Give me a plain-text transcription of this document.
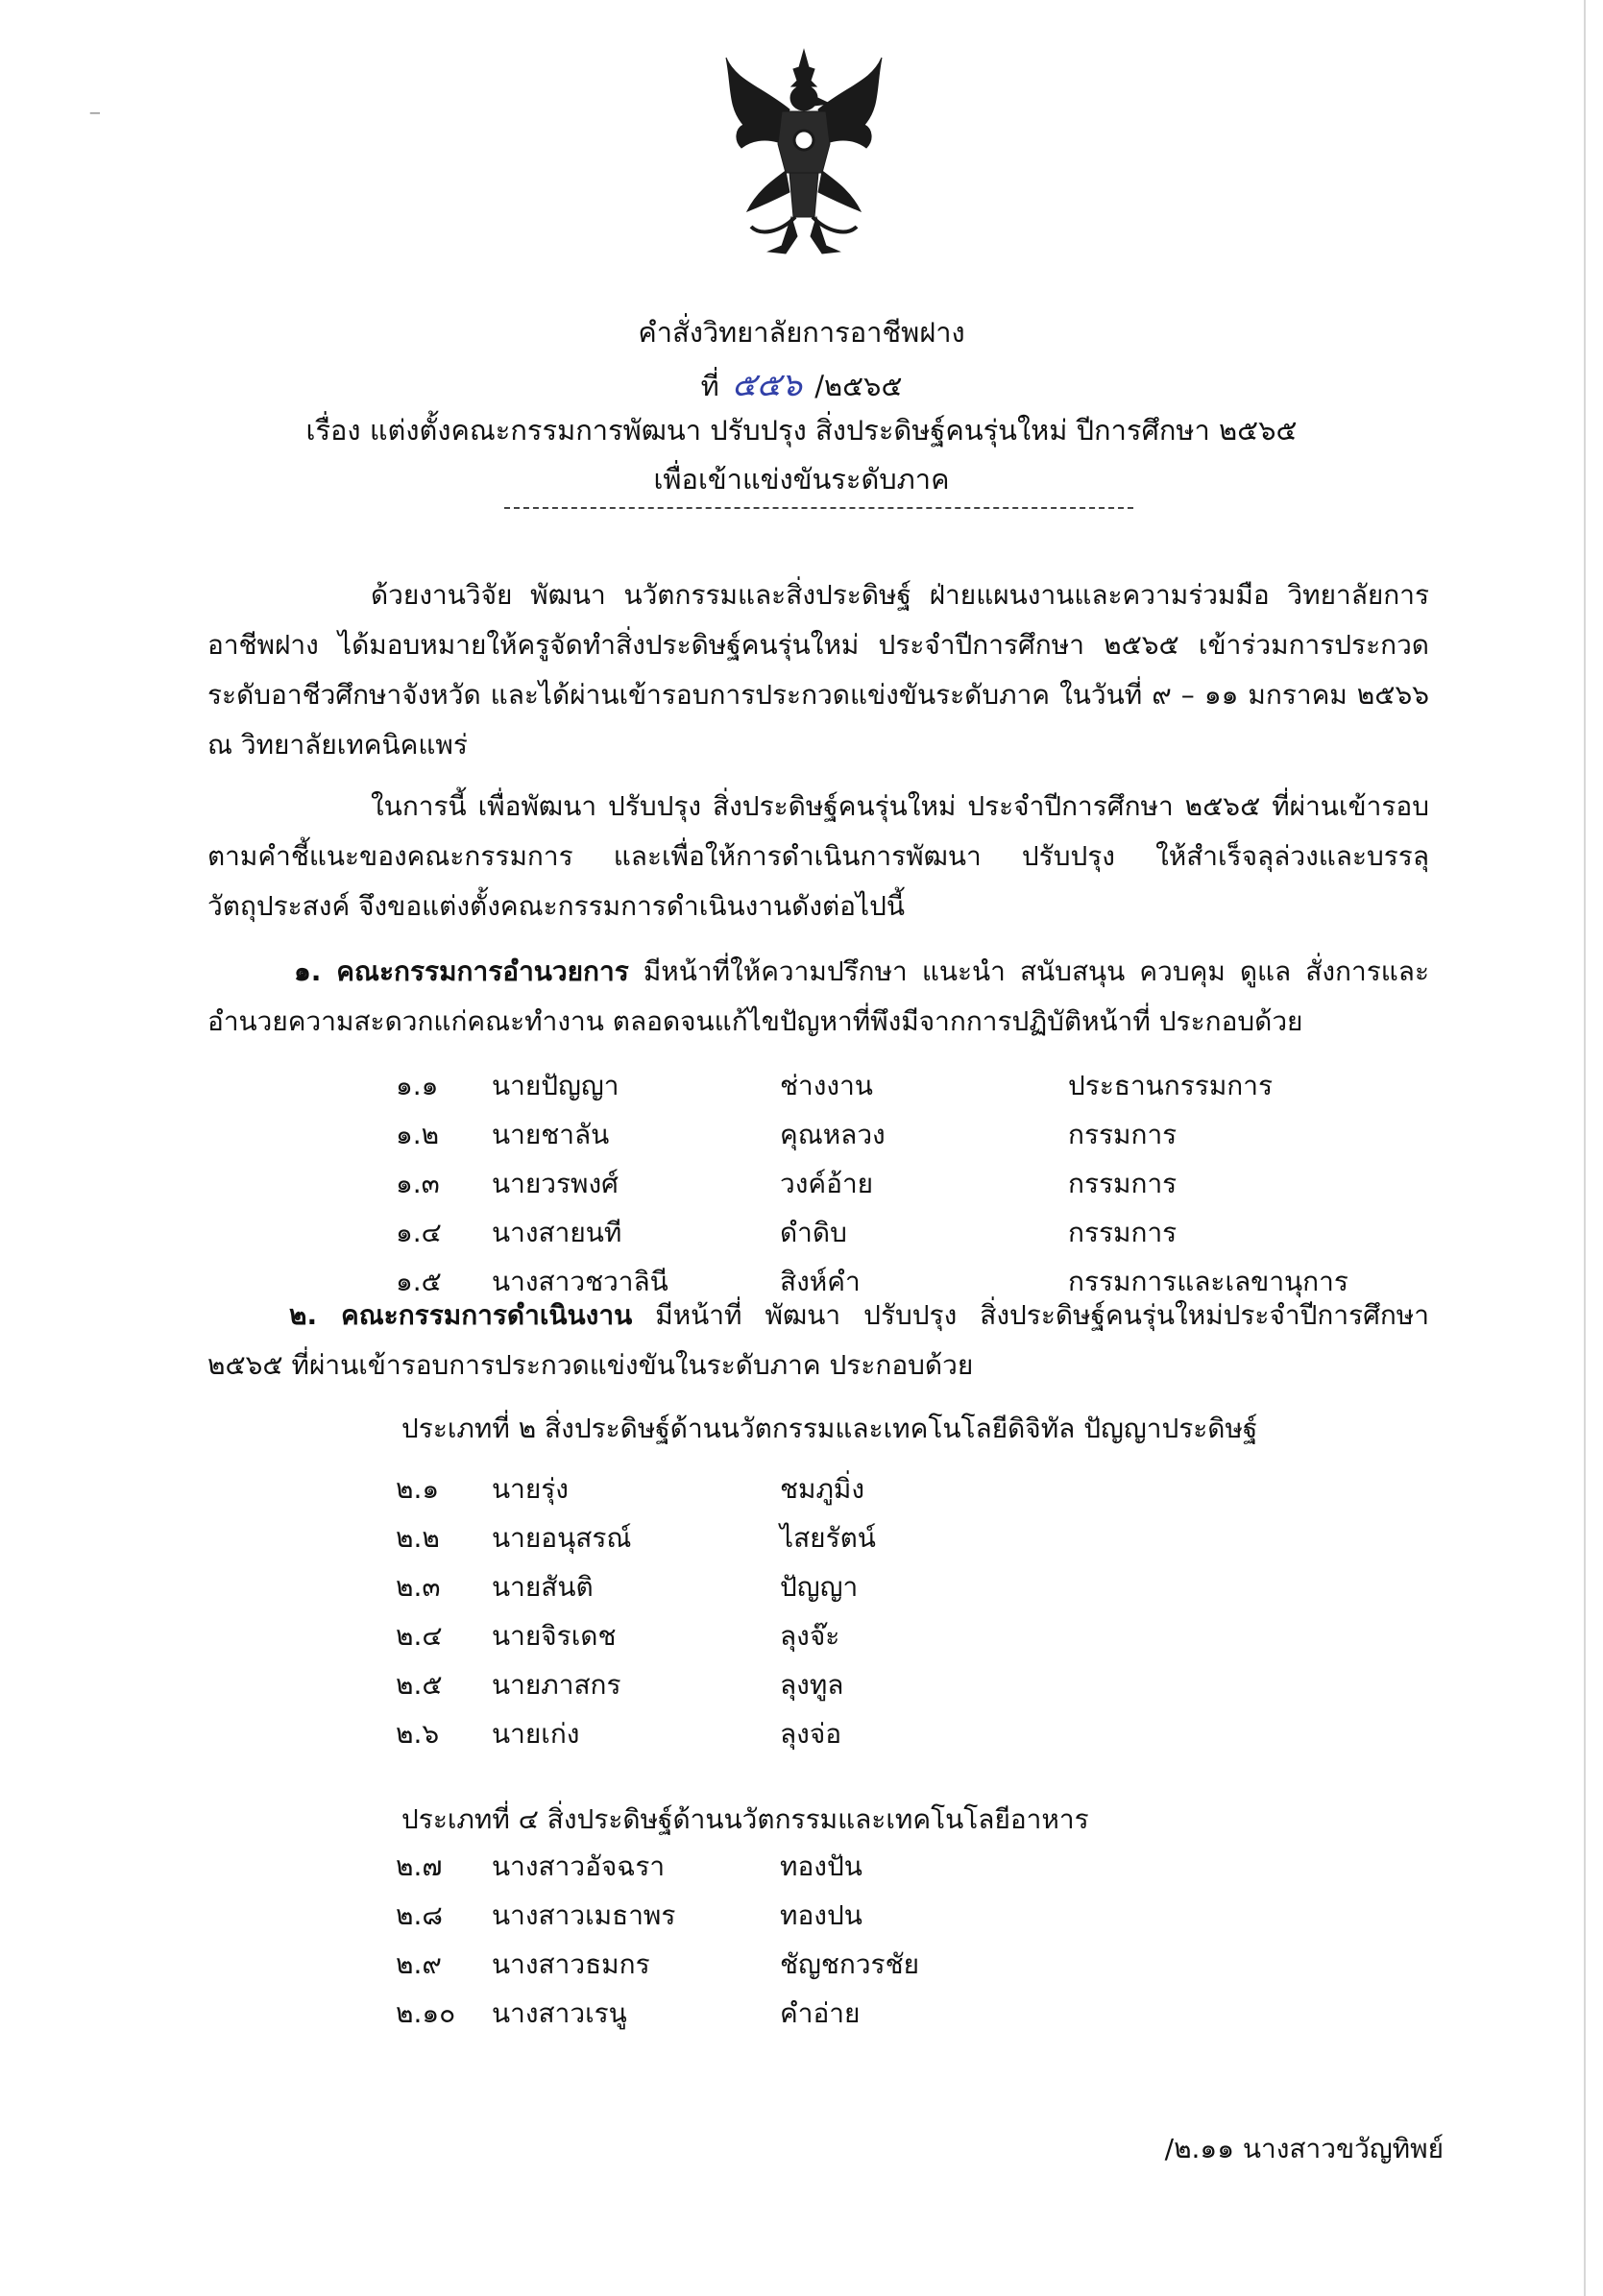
⁻
คำสั่งวิทยาลัยการอาชีพฝาง
ที่ ๕๕๖ /๒๕๖๕
เรื่อง แต่งตั้งคณะกรรมการพัฒนา ปรับปรุง สิ่งประดิษฐ์คนรุ่นใหม่ ปีการศึกษา ๒๕๖๕
เพื่อเข้าแข่งขันระดับภาค
ด้วยงานวิจัย พัฒนา นวัตกรรมและสิ่งประดิษฐ์ ฝ่ายแผนงานและความร่วมมือ วิทยาลัยการอาชีพฝาง ได้มอบหมายให้ครูจัดทำสิ่งประดิษฐ์คนรุ่นใหม่ ประจำปีการศึกษา ๒๕๖๕ เข้าร่วมการประกวดระดับอาชีวศึกษาจังหวัด และได้ผ่านเข้ารอบการประกวดแข่งขันระดับภาค ในวันที่ ๙ – ๑๑ มกราคม ๒๕๖๖ ณ วิทยาลัยเทคนิคแพร่
ในการนี้ เพื่อพัฒนา ปรับปรุง สิ่งประดิษฐ์คนรุ่นใหม่ ประจำปีการศึกษา ๒๕๖๕ ที่ผ่านเข้ารอบ ตามคำชี้แนะของคณะกรรมการ และเพื่อให้การดำเนินการพัฒนา ปรับปรุง ให้สำเร็จลุล่วงและบรรลุวัตถุประสงค์ จึงขอแต่งตั้งคณะกรรมการดำเนินงานดังต่อไปนี้
๑. คณะกรรมการอำนวยการ มีหน้าที่ให้ความปรึกษา แนะนำ สนับสนุน ควบคุม ดูแล สั่งการและอำนวยความสะดวกแก่คณะทำงาน ตลอดจนแก้ไขปัญหาที่พึงมีจากการปฏิบัติหน้าที่ ประกอบด้วย
๑.๑ นายปัญญา	ช่างงาน	ประธานกรรมการ
๑.๒ นายชาลัน	คุณหลวง	กรรมการ
๑.๓ นายวรพงศ์	วงค์อ้าย	กรรมการ
๑.๔ นางสายนที	ดำดิบ	กรรมการ
๑.๕ นางสาวชวาลินี	สิงห์คำ	กรรมการและเลขานุการ
๒. คณะกรรมการดำเนินงาน มีหน้าที่ พัฒนา ปรับปรุง สิ่งประดิษฐ์คนรุ่นใหม่ประจำปีการศึกษา ๒๕๖๕ ที่ผ่านเข้ารอบการประกวดแข่งขันในระดับภาค ประกอบด้วย
ประเภทที่ ๒ สิ่งประดิษฐ์ด้านนวัตกรรมและเทคโนโลยีดิจิทัล ปัญญาประดิษฐ์
๒.๑ นายรุ่ง	ชมภูมิ่ง
๒.๒ นายอนุสรณ์	ไสยรัตน์
๒.๓ นายสันติ	ปัญญา
๒.๔ นายจิรเดช	ลุงจ๊ะ
๒.๕ นายภาสกร	ลุงทูล
๒.๖ นายเก่ง	ลุงจ่อ
ประเภทที่ ๔ สิ่งประดิษฐ์ด้านนวัตกรรมและเทคโนโลยีอาหาร
๒.๗ นางสาวอัจฉรา	ทองปัน
๒.๘ นางสาวเมธาพร	ทองปน
๒.๙ นางสาวธมกร	ชัญชกวรชัย
๒.๑๐ นางสาวเรนู	คำอ่าย
/๒.๑๑ นางสาวขวัญทิพย์
